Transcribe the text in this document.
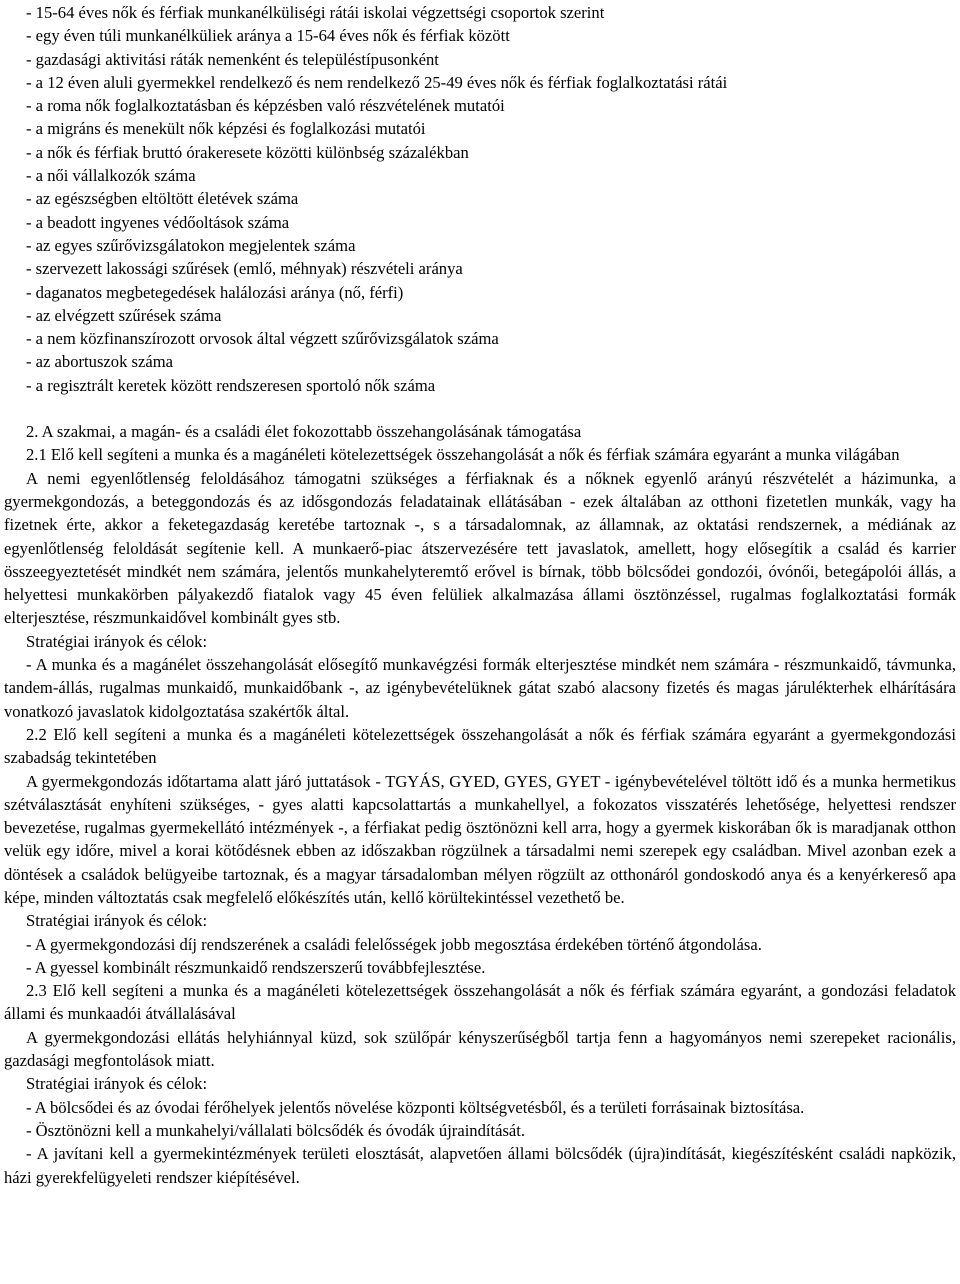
- 15-64 éves nők és férfiak munkanélküliségi rátái iskolai végzettségi csoportok szerint

- egy éven túli munkanélküliek aránya a 15-64 éves nők és férfiak között

- gazdasági aktivitási ráták nemenként és településtípusonként

- a 12 éven aluli gyermekkel rendelkező és nem rendelkező 25-49 éves nők és férfiak foglalkoztatási rátái

- a roma nők foglalkoztatásban és képzésben való részvételének mutatói

- a migráns és menekült nők képzési és foglalkozási mutatói

- a nők és férfiak bruttó órakeresete közötti különbség százalékban

- a női vállalkozók száma

- az egészségben eltöltött életévek száma

- a beadott ingyenes védőoltások száma

- az egyes szűrővizsgálatokon megjelentek száma

- szervezett lakossági szűrések (emlő, méhnyak) részvételi aránya

- daganatos megbetegedések halálozási aránya (nő, férfi)

- az elvégzett szűrések száma

- a nem közfinanszírozott orvosok által végzett szűrővizsgálatok száma

- az abortuszok száma

- a regisztrált keretek között rendszeresen sportoló nők száma

2. A szakmai, a magán- és a családi élet fokozottabb összehangolásának támogatása

2.1 Elő kell segíteni a munka és a magánéleti kötelezettségek összehangolását a nők és férfiak számára egyaránt a munka világában

A nemi egyenlőtlenség feloldásához támogatni szükséges a férfiaknak és a nőknek egyenlő arányú részvételét a házimunka, a gyermekgondozás, a beteggondozás és az idősgondozás feladatainak ellátásában - ezek általában az otthoni fizetetlen munkák, vagy ha fizetnek érte, akkor a feketegazdaság keretébe tartoznak -, s a társadalomnak, az államnak, az oktatási rendszernek, a médiának az egyenlőtlenség feloldását segítenie kell. A munkaerő-piac átszervezésére tett javaslatok, amellett, hogy elősegítik a család és karrier összeegyeztetését mindkét nem számára, jelentős munkahelyteremtő erővel is bírnak, több bölcsődei gondozói, óvónői, betegápolói állás, a helyettesi munkakörben pályakezdő fiatalok vagy 45 éven felüliek alkalmazása állami ösztönzéssel, rugalmas foglalkoztatási formák elterjesztése, részmunkaidővel kombinált gyes stb.

Stratégiai irányok és célok:

- A munka és a magánélet összehangolását elősegítő munkavégzési formák elterjesztése mindkét nem számára - részmunkaidő, távmunka, tandem-állás, rugalmas munkaidő, munkaidőbank -, az igénybevételüknek gátat szabó alacsony fizetés és magas járulékterhek elhárítására vonatkozó javaslatok kidolgoztatása szakértők által.

2.2 Elő kell segíteni a munka és a magánéleti kötelezettségek összehangolását a nők és férfiak számára egyaránt a gyermekgondozási szabadság tekintetében

A gyermekgondozás időtartama alatt járó juttatások - TGYÁS, GYED, GYES, GYET - igénybevételével töltött idő és a munka hermetikus szétválasztását enyhíteni szükséges, - gyes alatti kapcsolattartás a munkahellyel, a fokozatos visszatérés lehetősége, helyettesi rendszer bevezetése, rugalmas gyermekellátó intézmények -, a férfiakat pedig ösztönözni kell arra, hogy a gyermek kiskorában ők is maradjanak otthon velük egy időre, mivel a korai kötődésnek ebben az időszakban rögzülnek a társadalmi nemi szerepek egy családban. Mivel azonban ezek a döntések a családok belügyeibe tartoznak, és a magyar társadalomban mélyen rögzült az otthonáról gondoskodó anya és a kenyérkereső apa képe, minden változtatás csak megfelelő előkészítés után, kellő körültekintéssel vezethető be.

Stratégiai irányok és célok:

- A gyermekgondozási díj rendszerének a családi felelősségek jobb megosztása érdekében történő átgondolása.

- A gyessel kombinált részmunkaidő rendszerszerű továbbfejlesztése.

2.3 Elő kell segíteni a munka és a magánéleti kötelezettségek összehangolását a nők és férfiak számára egyaránt, a gondozási feladatok állami és munkaadói átvállalásával

A gyermekgondozási ellátás helyhiánnyal küzd, sok szülőpár kényszerűségből tartja fenn a hagyományos nemi szerepeket racionális, gazdasági megfontolások miatt.

Stratégiai irányok és célok:

- A bölcsődei és az óvodai férőhelyek jelentős növelése központi költségvetésből, és a területi forrásainak biztosítása.

- Ösztönözni kell a munkahelyi/vállalati bölcsődék és óvodák újraindítását.

- A javítani kell a gyermekintézmények területi elosztását, alapvetően állami bölcsődék (újra)indítását, kiegészítésként családi napközik, házi gyerekfelügyeleti rendszer kiépítésével.
